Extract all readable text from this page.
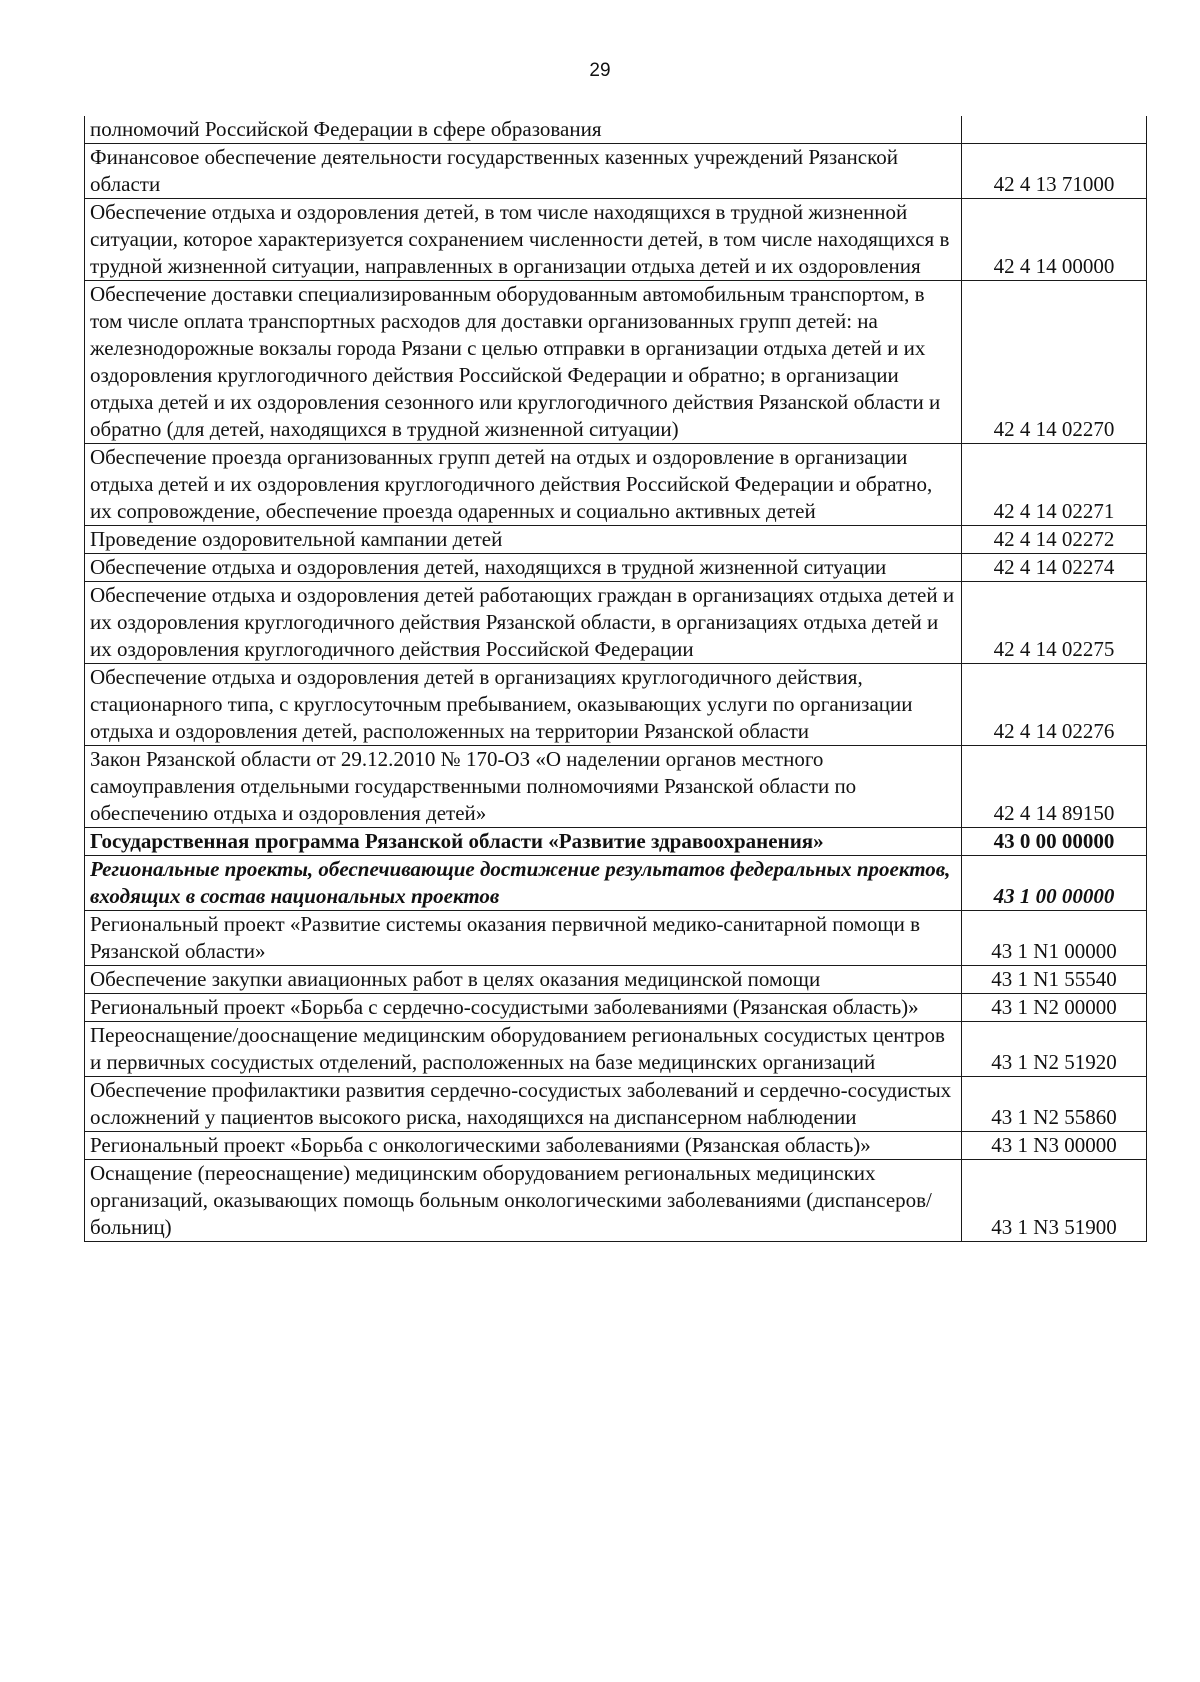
29
полномочий Российской Федерации в сфере образования	
Финансовое обеспечение деятельности государственных казенных учреждений Рязанской области	42 4 13 71000
Обеспечение отдыха и оздоровления детей, в том числе находящихся в трудной жизненной ситуации, которое характеризуется сохранением численности детей, в том числе находящихся в трудной жизненной ситуации, направленных в организации отдыха детей и их оздоровления	42 4 14 00000
Обеспечение доставки специализированным оборудованным автомобильным транспортом, в том числе оплата транспортных расходов для доставки организованных групп детей: на железнодорожные вокзалы города Рязани с целью отправки в организации отдыха детей и их оздоровления круглогодичного действия Российской Федерации и обратно; в организации отдыха детей и их оздоровления сезонного или круглогодичного действия Рязанской области и обратно (для детей, находящихся в трудной жизненной ситуации)	42 4 14 02270
Обеспечение проезда организованных групп детей на отдых и оздоровление в организации отдыха детей и их оздоровления круглогодичного действия Российской Федерации и обратно, их сопровождение, обеспечение проезда одаренных и социально активных детей	42 4 14 02271
Проведение оздоровительной кампании детей	42 4 14 02272
Обеспечение отдыха и оздоровления детей, находящихся в трудной жизненной ситуации	42 4 14 02274
Обеспечение отдыха и оздоровления детей работающих граждан в организациях отдыха детей и их оздоровления круглогодичного действия Рязанской области, в организациях отдыха детей и их оздоровления круглогодичного действия Российской Федерации	42 4 14 02275
Обеспечение отдыха и оздоровления детей в организациях круглогодичного действия, стационарного типа, с круглосуточным пребыванием, оказывающих услуги по организации отдыха и оздоровления детей, расположенных на территории Рязанской области	42 4 14 02276
Закон Рязанской области от 29.12.2010 № 170-ОЗ «О наделении органов местного самоуправления отдельными государственными полномочиями Рязанской области по обеспечению отдыха и оздоровления детей»	42 4 14 89150
Государственная программа Рязанской области «Развитие здравоохранения»	43 0 00 00000
Региональные проекты, обеспечивающие достижение результатов федеральных проектов, входящих в состав национальных проектов	43 1 00 00000
Региональный проект «Развитие системы оказания первичной медико-санитарной помощи в Рязанской области»	43 1 N1 00000
Обеспечение закупки авиационных работ в целях оказания медицинской помощи	43 1 N1 55540
Региональный проект «Борьба с сердечно-сосудистыми заболеваниями (Рязанская область)»	43 1 N2 00000
Переоснащение/дооснащение медицинским оборудованием региональных сосудистых центров и первичных сосудистых отделений, расположенных на базе медицинских организаций	43 1 N2 51920
Обеспечение профилактики развития сердечно-сосудистых заболеваний и сердечно-сосудистых осложнений у пациентов высокого риска, находящихся на диспансерном наблюдении	43 1 N2 55860
Региональный проект «Борьба с онкологическими заболеваниями (Рязанская область)»	43 1 N3 00000
Оснащение (переоснащение) медицинским оборудованием региональных медицинских организаций, оказывающих помощь больным онкологическими заболеваниями (диспансеров/больниц)	43 1 N3 51900
